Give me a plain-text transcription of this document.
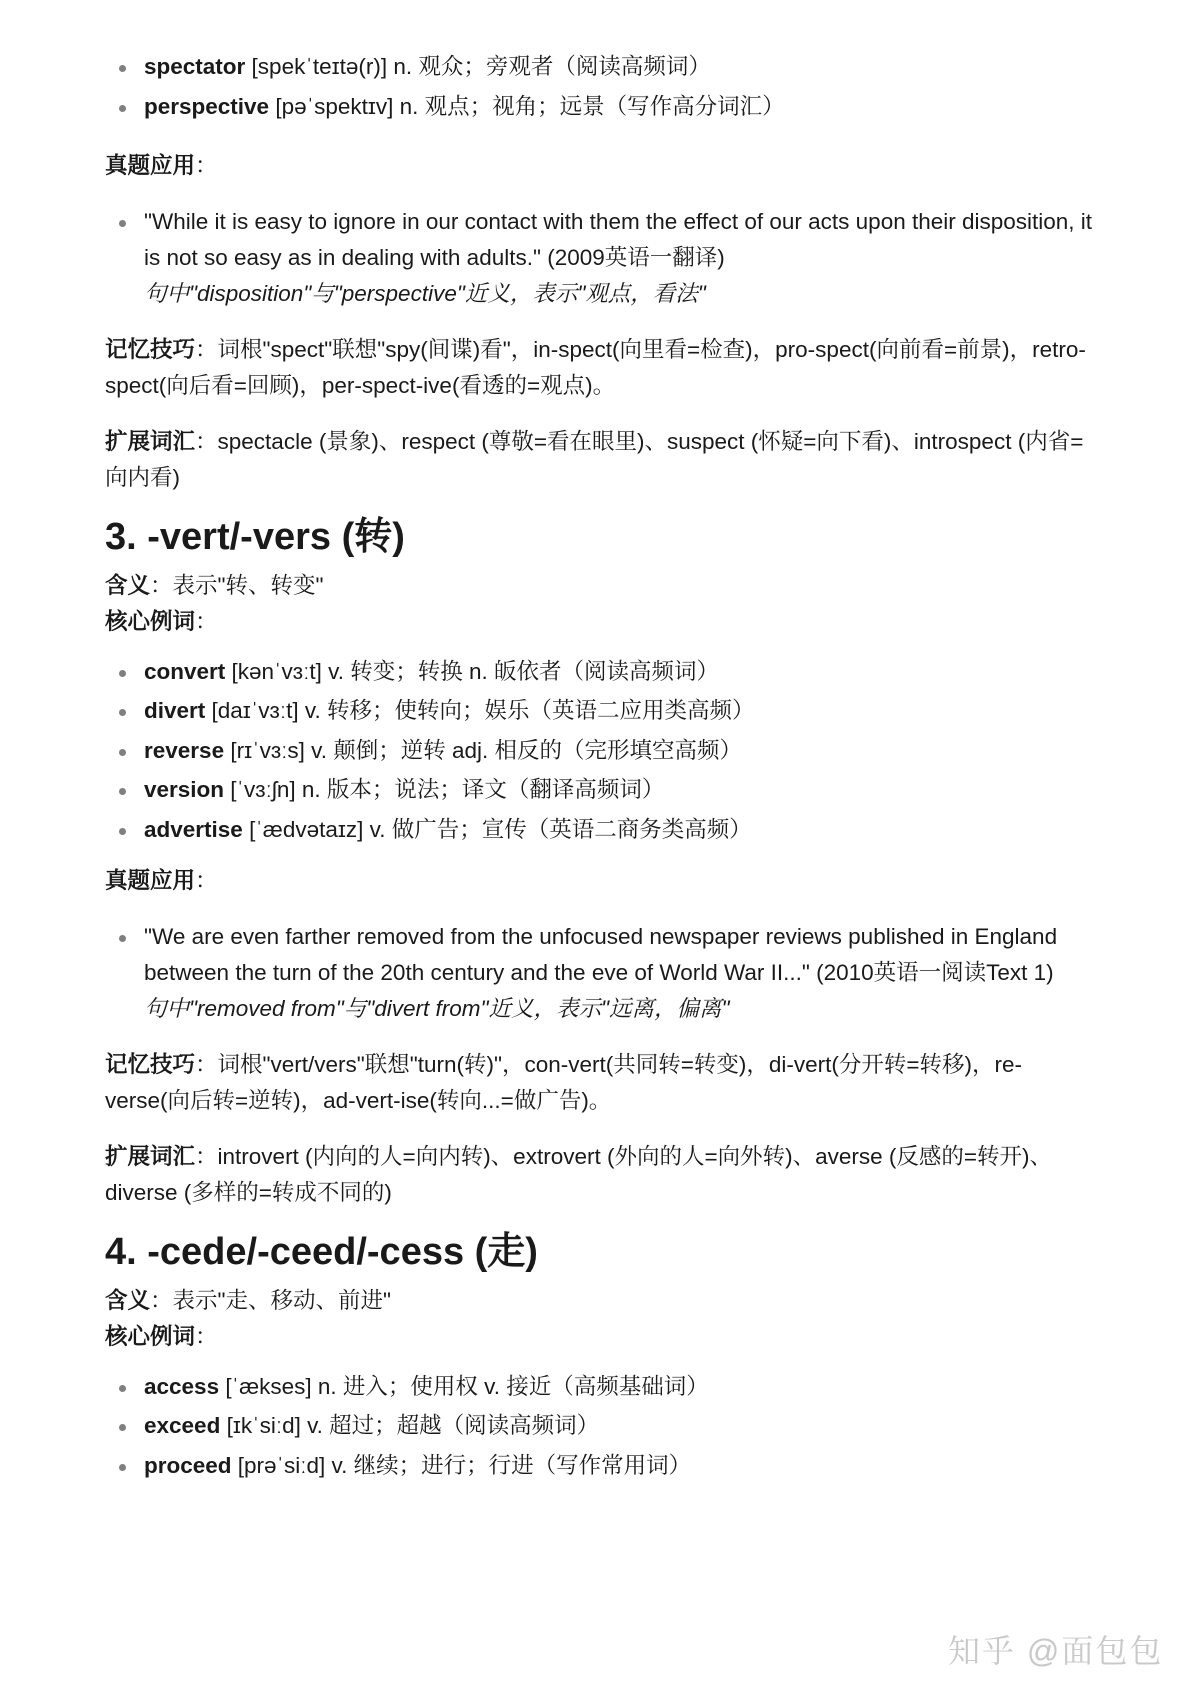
spectator [spekˈteɪtə(r)] n. 观众；旁观者（阅读高频词）
perspective [pəˈspektɪv] n. 观点；视角；远景（写作高分词汇）

真题应用：

"While it is easy to ignore in our contact with them the effect of our acts upon their disposition, it is not so easy as in dealing with adults." (2009英语一翻译)
句中"disposition"与"perspective"近义，表示"观点，看法"

记忆技巧：词根"spect"联想"spy(间谍)看"，in-spect(向里看=检查)，pro-spect(向前看=前景)，retro-spect(向后看=回顾)，per-spect-ive(看透的=观点)。

扩展词汇：spectacle (景象)、respect (尊敬=看在眼里)、suspect (怀疑=向下看)、introspect (内省=向内看)

3. -vert/-vers (转)

含义：表示"转、转变"

核心例词：

convert [kənˈvɜːt] v. 转变；转换 n. 皈依者（阅读高频词）
divert [daɪˈvɜːt] v. 转移；使转向；娱乐（英语二应用类高频）
reverse [rɪˈvɜːs] v. 颠倒；逆转 adj. 相反的（完形填空高频）
version [ˈvɜːʃn] n. 版本；说法；译文（翻译高频词）
advertise [ˈædvətaɪz] v. 做广告；宣传（英语二商务类高频）

真题应用：

"We are even farther removed from the unfocused newspaper reviews published in England between the turn of the 20th century and the eve of World War II..." (2010英语一阅读Text 1)
句中"removed from"与"divert from"近义，表示"远离，偏离"

记忆技巧：词根"vert/vers"联想"turn(转)"，con-vert(共同转=转变)，di-vert(分开转=转移)，re-verse(向后转=逆转)，ad-vert-ise(转向...=做广告)。

扩展词汇：introvert (内向的人=向内转)、extrovert (外向的人=向外转)、averse (反感的=转开)、diverse (多样的=转成不同的)

4. -cede/-ceed/-cess (走)

含义：表示"走、移动、前进"

核心例词：

access [ˈækses] n. 进入；使用权 v. 接近（高频基础词）
exceed [ɪkˈsiːd] v. 超过；超越（阅读高频词）
proceed [prəˈsiːd] v. 继续；进行；行进（写作常用词）
知乎 @面包包
